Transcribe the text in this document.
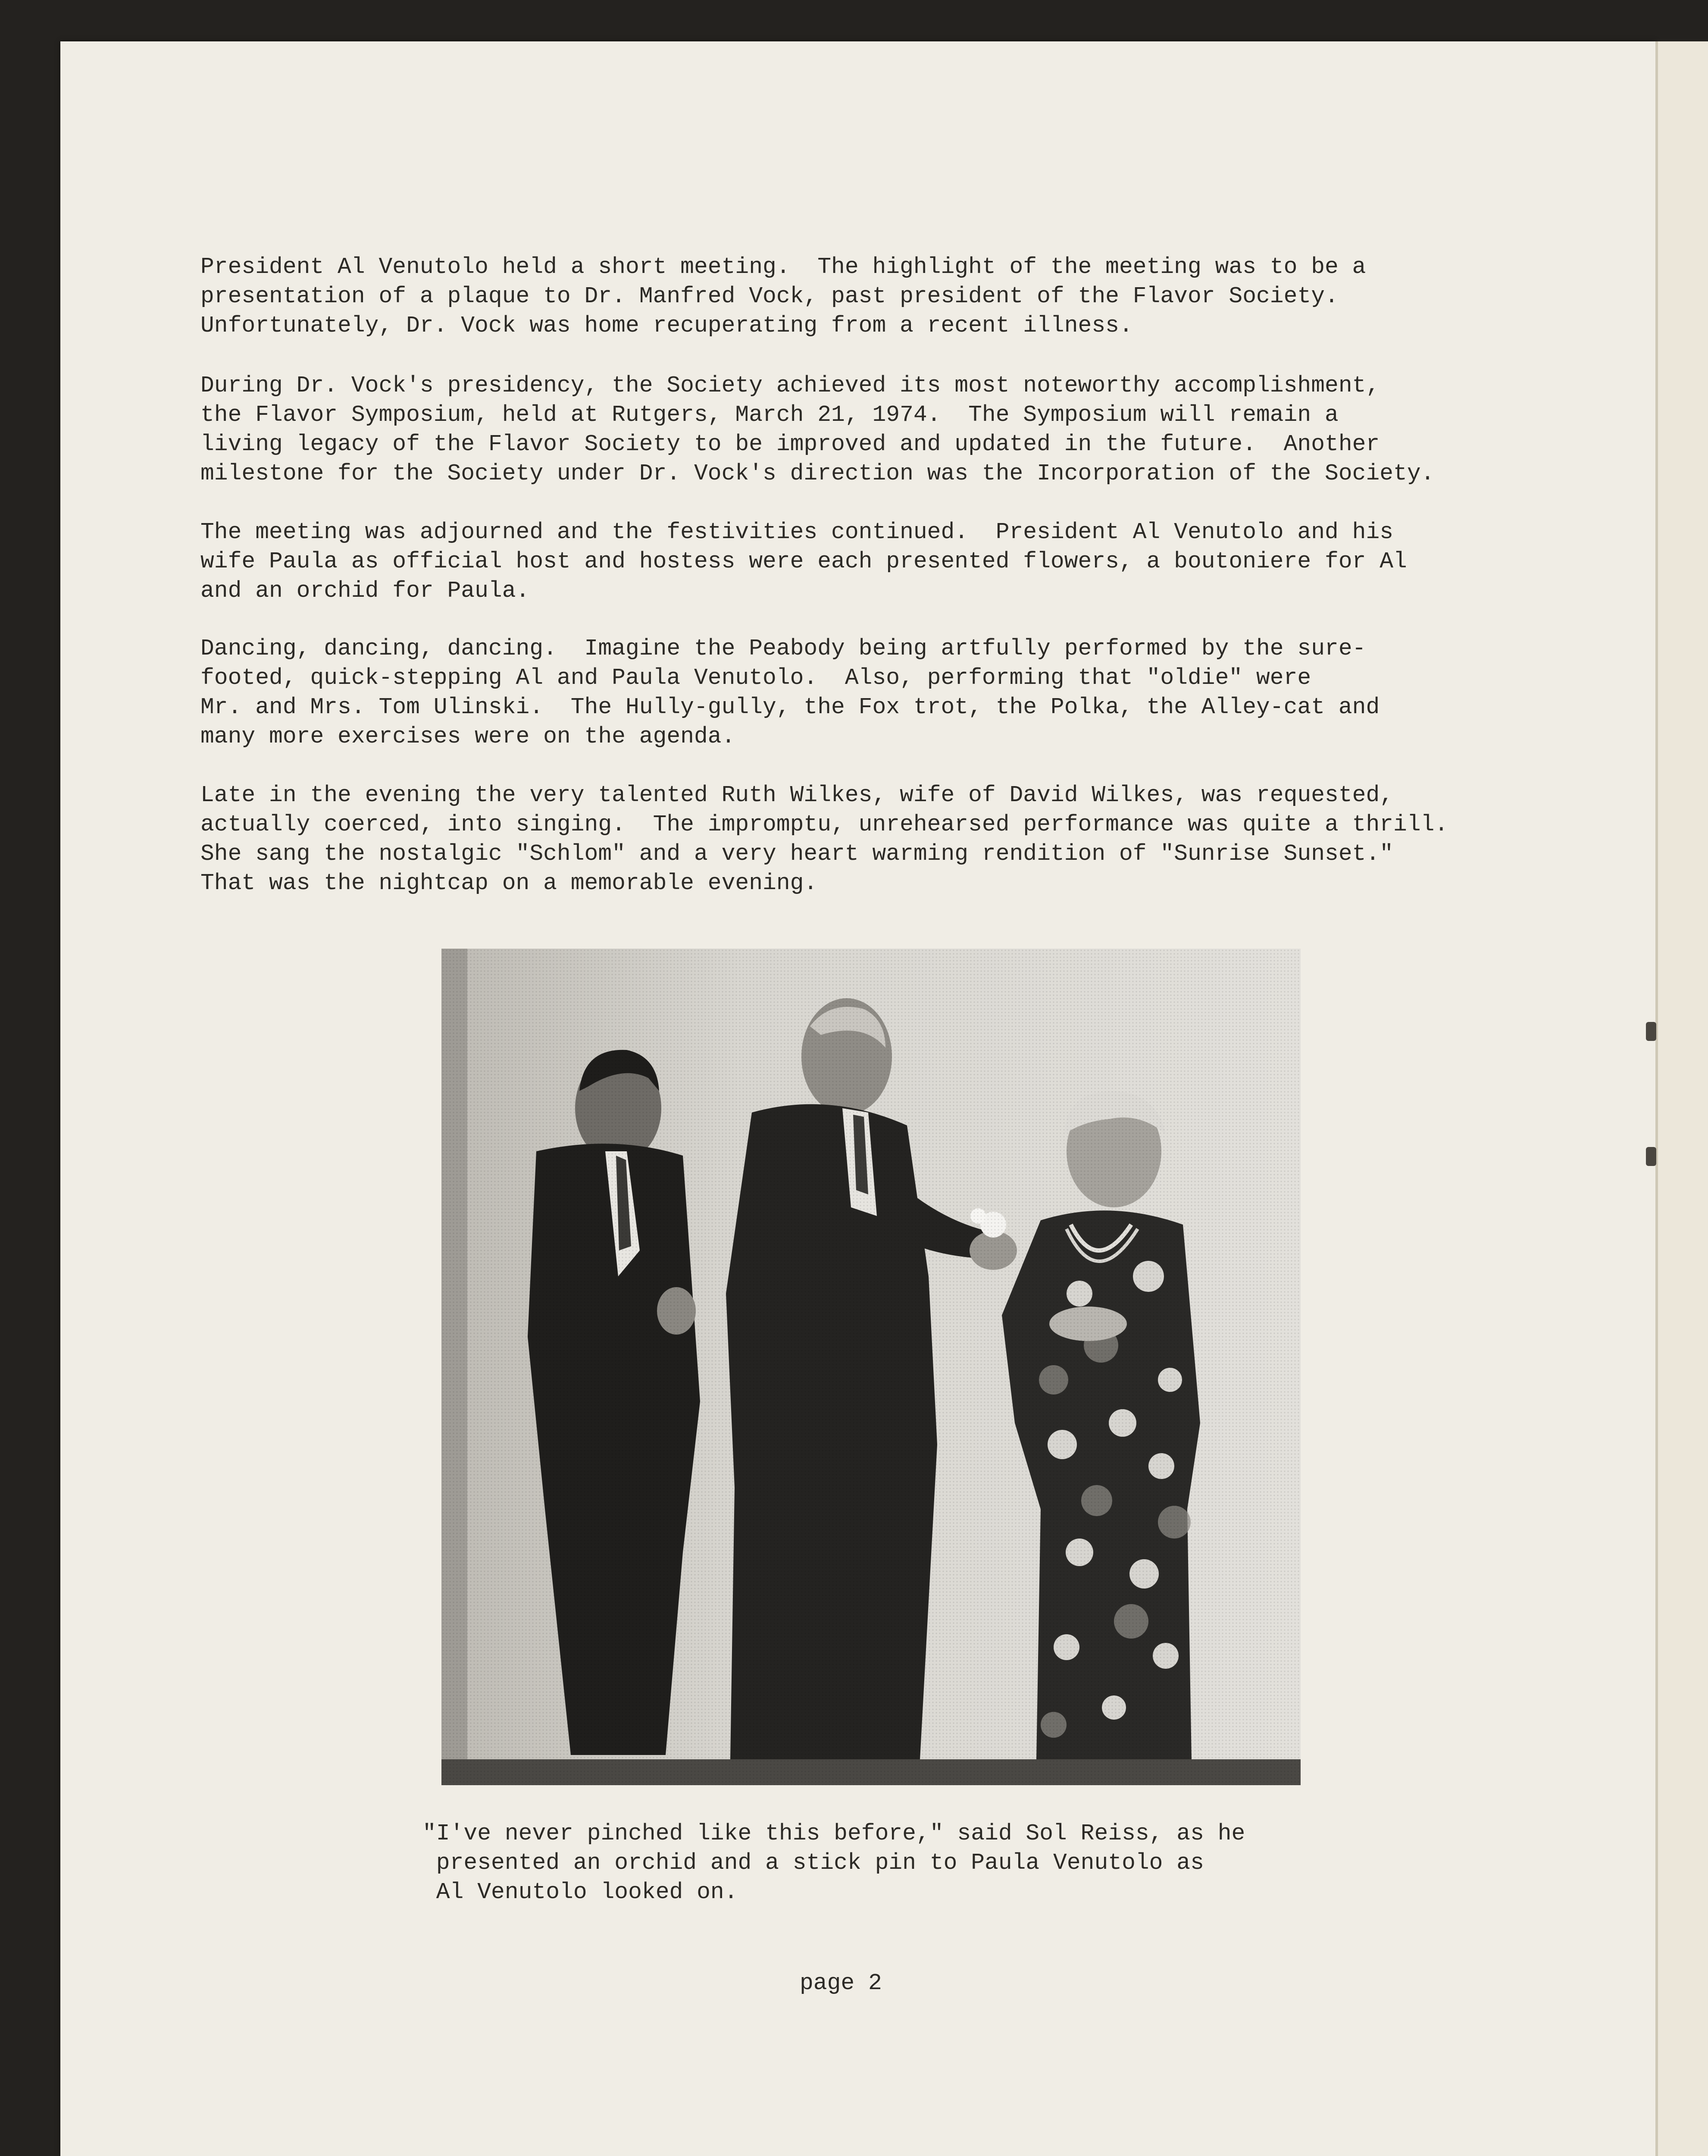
President Al Venutolo held a short meeting.  The highlight of the meeting was to be a
presentation of a plaque to Dr. Manfred Vock, past president of the Flavor Society.
Unfortunately, Dr. Vock was home recuperating from a recent illness.

During Dr. Vock's presidency, the Society achieved its most noteworthy accomplishment,
the Flavor Symposium, held at Rutgers, March 21, 1974.  The Symposium will remain a
living legacy of the Flavor Society to be improved and updated in the future.  Another
milestone for the Society under Dr. Vock's direction was the Incorporation of the Society.

The meeting was adjourned and the festivities continued.  President Al Venutolo and his
wife Paula as official host and hostess were each presented flowers, a boutoniere for Al
and an orchid for Paula.

Dancing, dancing, dancing.  Imagine the Peabody being artfully performed by the sure-
footed, quick-stepping Al and Paula Venutolo.  Also, performing that "oldie" were
Mr. and Mrs. Tom Ulinski.  The Hully-gully, the Fox trot, the Polka, the Alley-cat and
many more exercises were on the agenda.

Late in the evening the very talented Ruth Wilkes, wife of David Wilkes, was requested,
actually coerced, into singing.  The impromptu, unrehearsed performance was quite a thrill.
She sang the nostalgic "Schlom" and a very heart warming rendition of "Sunrise Sunset."
That was the nightcap on a memorable evening.

"I've never pinched like this before," said Sol Reiss, as he
presented an orchid and a stick pin to Paula Venutolo as
Al Venutolo looked on.

page 2
